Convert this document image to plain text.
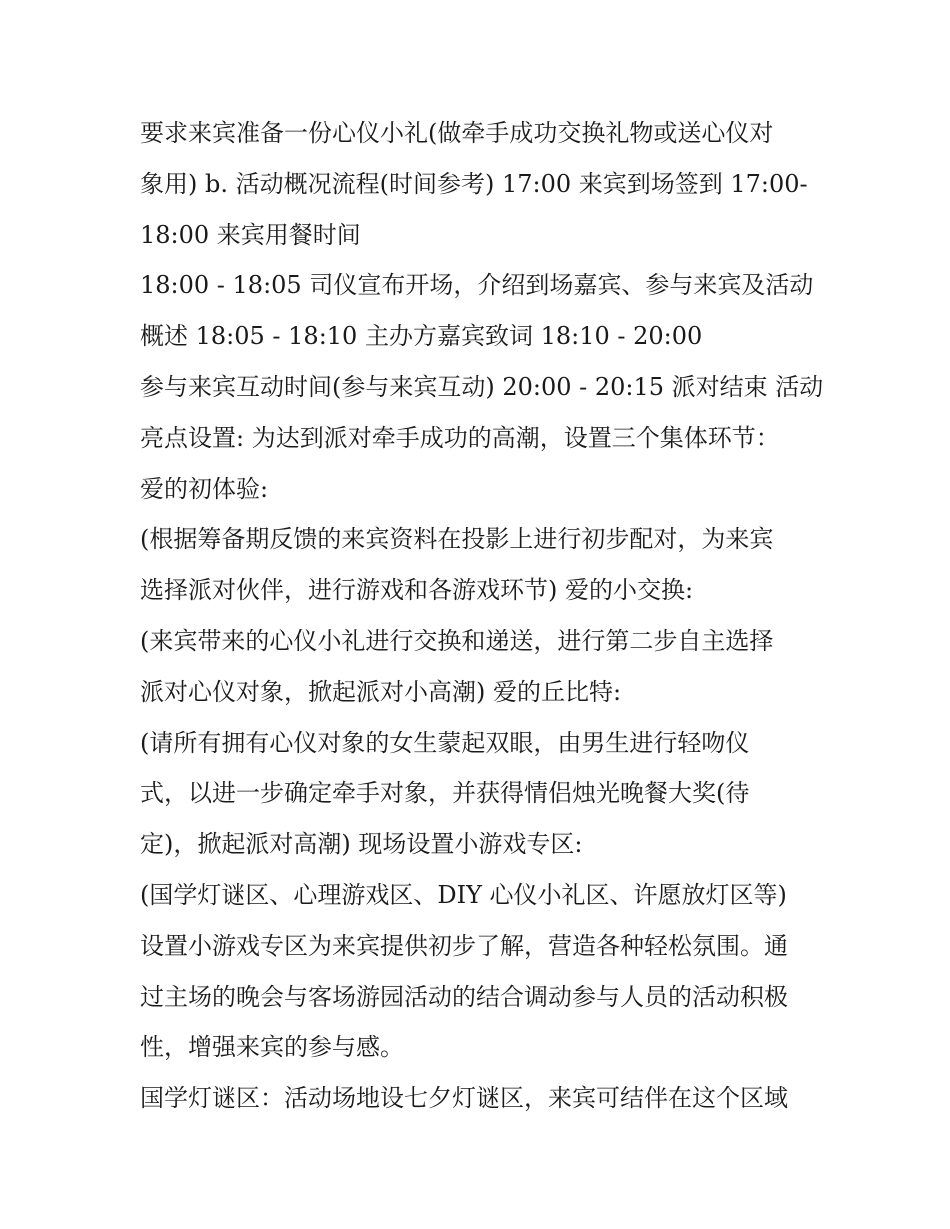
要求来宾准备一份心仪小礼(做牵手成功交换礼物或送心仪对
象用) b. 活动概况流程(时间参考) 17:00 来宾到场签到 17:00-
18:00 来宾用餐时间
18:00 - 18:05 司仪宣布开场，介绍到场嘉宾、参与来宾及活动
概述 18:05 - 18:10 主办方嘉宾致词 18:10 - 20:00
参与来宾互动时间(参与来宾互动) 20:00 - 20:15 派对结束 活动
亮点设置: 为达到派对牵手成功的高潮，设置三个集体环节：
爱的初体验:
(根据筹备期反馈的来宾资料在投影上进行初步配对，为来宾
选择派对伙伴，进行游戏和各游戏环节) 爱的小交换:
(来宾带来的心仪小礼进行交换和递送，进行第二步自主选择
派对心仪对象，掀起派对小高潮) 爱的丘比特:
(请所有拥有心仪对象的女生蒙起双眼，由男生进行轻吻仪
式，以进一步确定牵手对象，并获得情侣烛光晚餐大奖(待
定)，掀起派对高潮) 现场设置小游戏专区:
(国学灯谜区、心理游戏区、DIY 心仪小礼区、许愿放灯区等)
设置小游戏专区为来宾提供初步了解，营造各种轻松氛围。通
过主场的晚会与客场游园活动的结合调动参与人员的活动积极
性，增强来宾的参与感。
国学灯谜区：活动场地设七夕灯谜区，来宾可结伴在这个区域
